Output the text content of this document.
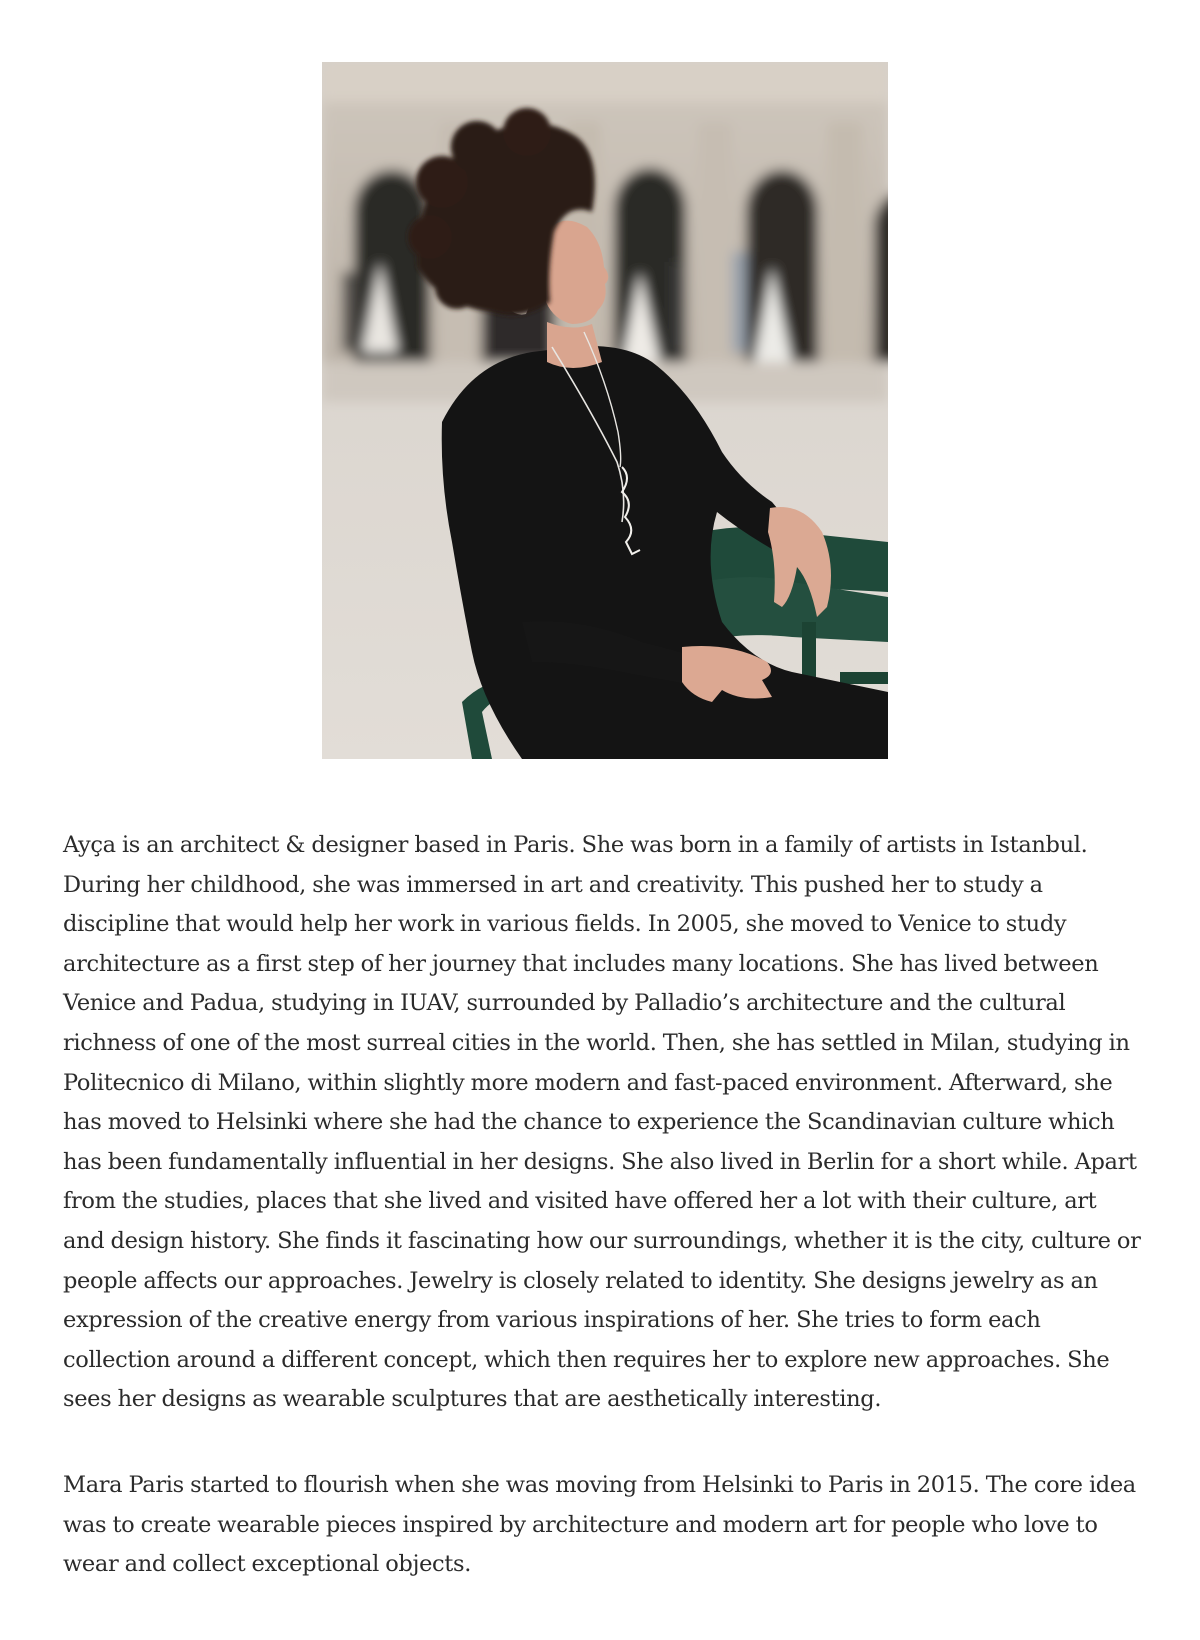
Ayça is an architect & designer based in Paris. She was born in a family of artists in Istanbul. During her childhood, she was immersed in art and creativity. This pushed her to study a discipline that would help her work in various fields. In 2005, she moved to Venice to study architecture as a first step of her journey that includes many locations. She has lived between Venice and Padua, studying in IUAV, surrounded by Palladio’s architecture and the cultural richness of one of the most surreal cities in the world. Then, she has settled in Milan, studying in Politecnico di Milano, within slightly more modern and fast-paced environment. Afterward, she has moved to Helsinki where she had the chance to experience the Scandinavian culture which has been fundamentally influential in her designs. She also lived in Berlin for a short while. Apart from the studies, places that she lived and visited have offered her a lot with their culture, art and design history. She finds it fascinating how our surroundings, whether it is the city, culture or people affects our approaches. Jewelry is closely related to identity. She designs jewelry as an expression of the creative energy from various inspirations of her. She tries to form each collection around a different concept, which then requires her to explore new approaches. She sees her designs as wearable sculptures that are aesthetically interesting.

Mara Paris started to flourish when she was moving from Helsinki to Paris in 2015. The core idea was to create wearable pieces inspired by architecture and modern art for people who love to wear and collect exceptional objects.
